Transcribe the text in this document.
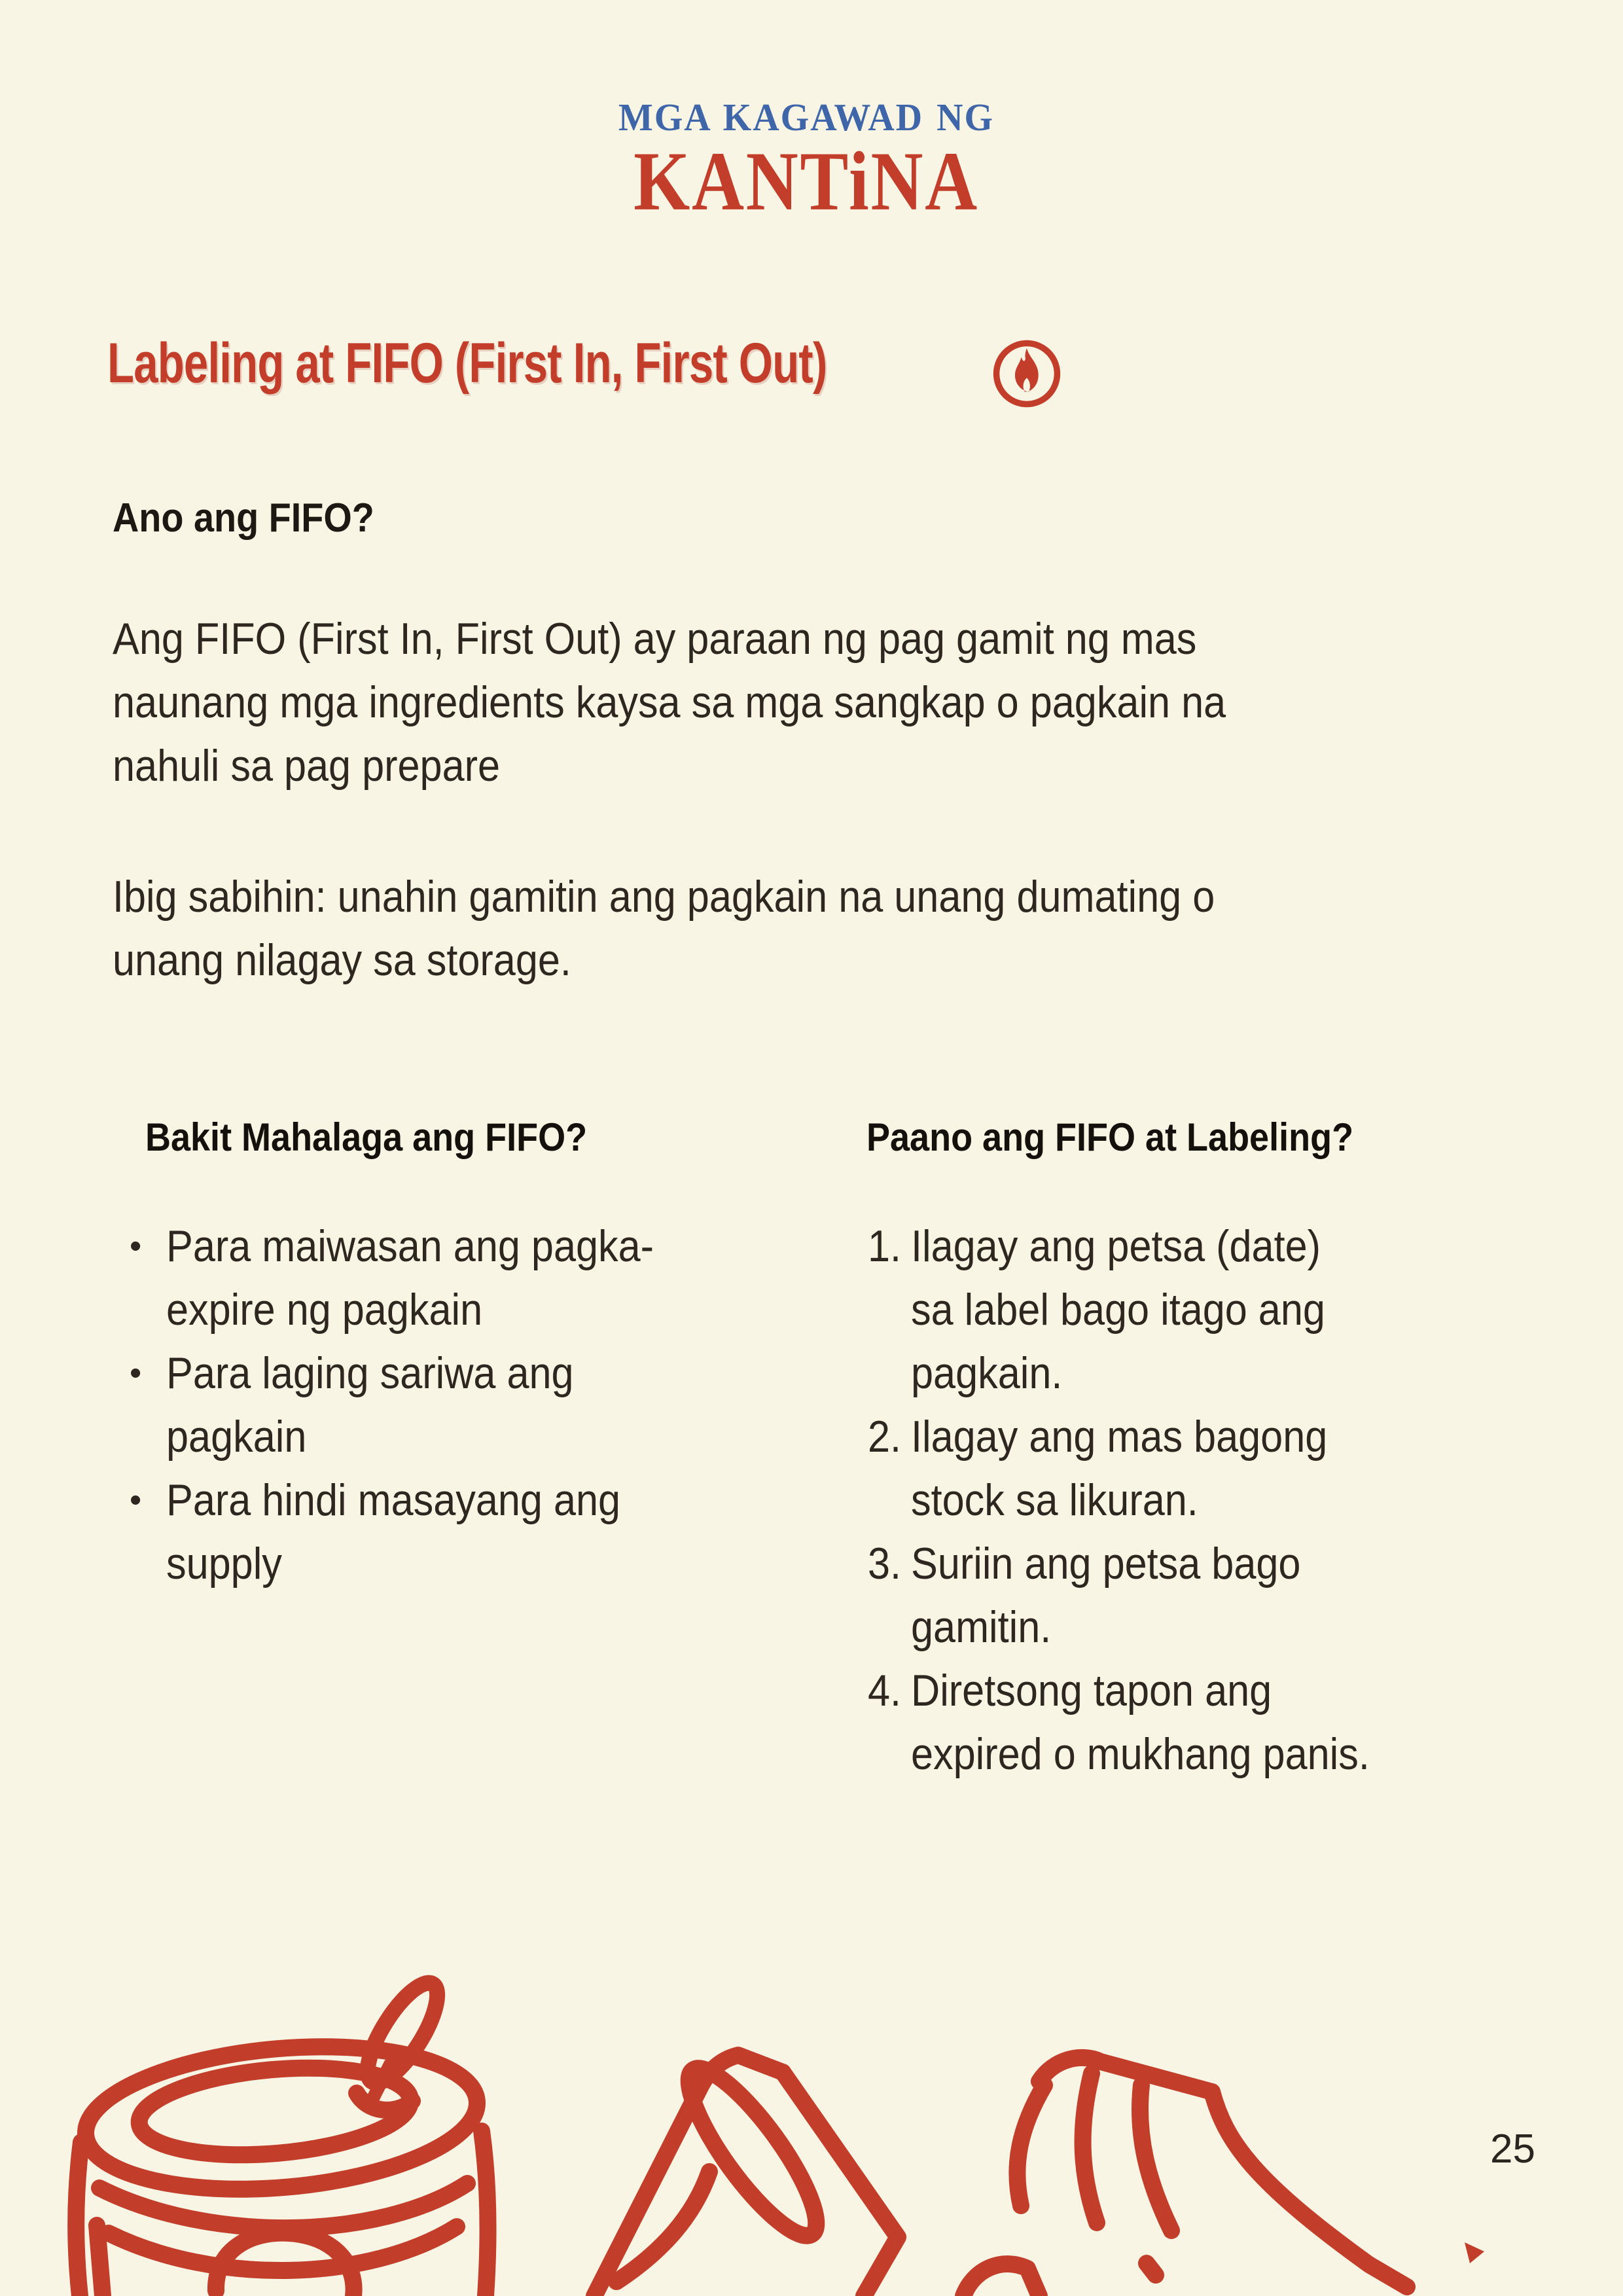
MGA KAGAWAD NG
KANTiNA
Labeling at FIFO (First In, First Out)
Ano ang FIFO?
Ang FIFO (First In, First Out) ay paraan ng pag gamit ng mas
naunang mga ingredients kaysa sa mga sangkap o pagkain na
nahuli sa pag prepare
Ibig sabihin: unahin gamitin ang pagkain na unang dumating o
unang nilagay sa storage.
Bakit Mahalaga ang FIFO?
• Para maiwasan ang pagka-
expire ng pagkain
• Para laging sariwa ang
pagkain
• Para hindi masayang ang
supply
Paano ang FIFO at Labeling?
1. Ilagay ang petsa (date)
sa label bago itago ang
pagkain.
2. Ilagay ang mas bagong
stock sa likuran.
3. Suriin ang petsa bago
gamitin.
4. Diretsong tapon ang
expired o mukhang panis.
25
